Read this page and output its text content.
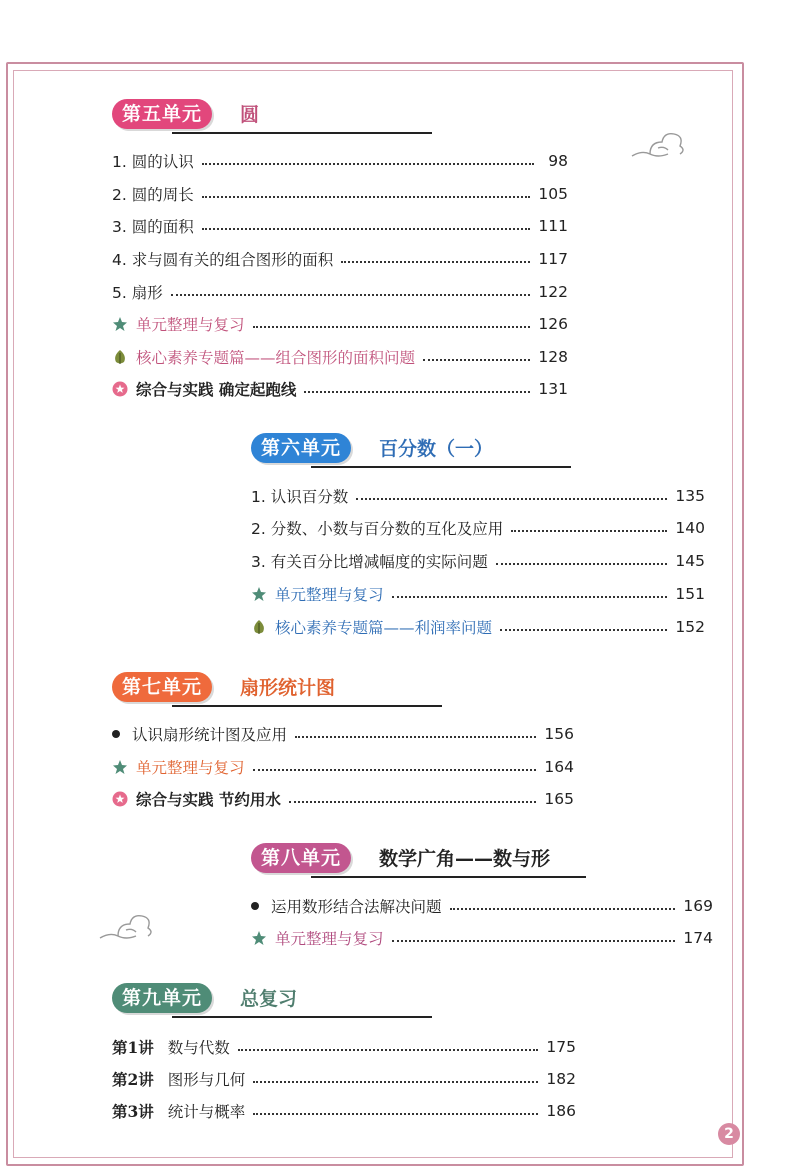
第五单元	圆
1. 圆的认识	98
2. 圆的周长	105
3. 圆的面积	111
4. 求与圆有关的组合图形的面积	117
5. 扇形	122
单元整理与复习	126
核心素养专题篇——组合图形的面积问题	128
综合与实践 确定起跑线	131
第六单元	百分数（一）
1. 认识百分数	135
2. 分数、小数与百分数的互化及应用	140
3. 有关百分比增减幅度的实际问题	145
单元整理与复习	151
核心素养专题篇——利润率问题	152
第七单元	扇形统计图
认识扇形统计图及应用	156
单元整理与复习	164
综合与实践 节约用水	165
第八单元	数学广角——数与形
运用数形结合法解决问题	169
单元整理与复习	174
第九单元	总复习
第1讲 数与代数	175
第2讲 图形与几何	182
第3讲 统计与概率	186
2
